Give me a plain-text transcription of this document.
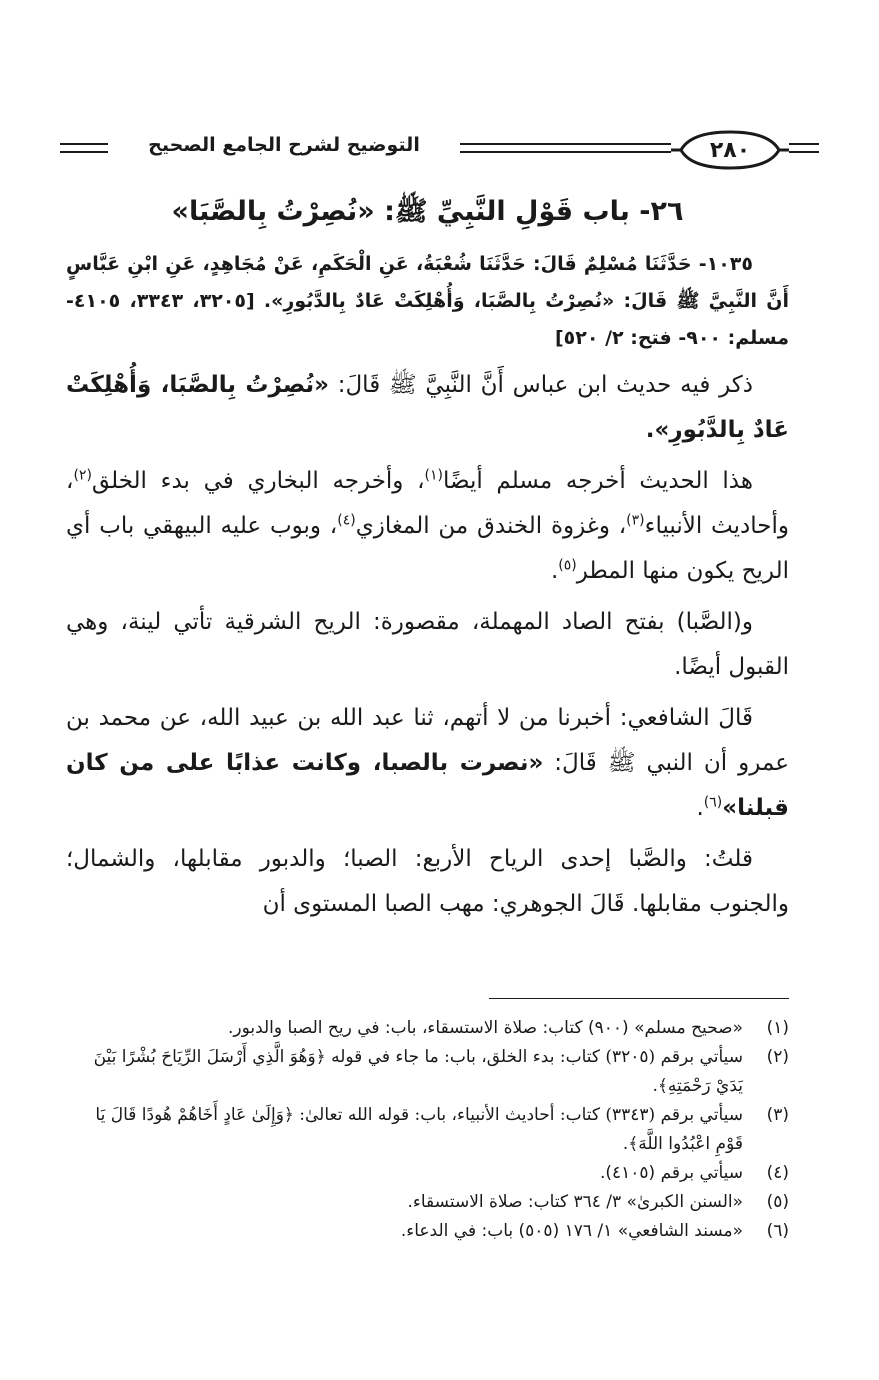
٢٨٠
التوضيح لشرح الجامع الصحيح
٢٦- باب قَوْلِ النَّبِيِّ ﷺ: «نُصِرْتُ بِالصَّبَا»

١٠٣٥- حَدَّثَنَا مُسْلِمٌ قَالَ: حَدَّثَنَا شُعْبَةُ، عَنِ الْحَكَمِ، عَنْ مُجَاهِدٍ، عَنِ ابْنِ عَبَّاسٍ أَنَّ النَّبِيَّ ﷺ قَالَ: «نُصِرْتُ بِالصَّبَا، وَأُهْلِكَتْ عَادٌ بِالدَّبُورِ». [٣٢٠٥، ٣٣٤٣، ٤١٠٥- مسلم: ٩٠٠- فتح: ٢/ ٥٢٠]

ذكر فيه حديث ابن عباس أَنَّ النَّبِيَّ ﷺ قَالَ: «نُصِرْتُ بِالصَّبَا، وَأُهْلِكَتْ عَادٌ بِالدَّبُورِ».

هذا الحديث أخرجه مسلم أيضًا$^{(١)}$، وأخرجه البخاري في بدء الخلق$^{(٢)}$، وأحاديث الأنبياء$^{(٣)}$، وغزوة الخندق من المغازي$^{(٤)}$، وبوب عليه البيهقي باب أي الريح يكون منها المطر$^{(٥)}$.

و(الصَّبا) بفتح الصاد المهملة، مقصورة: الريح الشرقية تأتي لينة، وهي القبول أيضًا.

قَالَ الشافعي: أخبرنا من لا أتهم، ثنا عبد الله بن عبيد الله، عن محمد بن عمرو أن النبي ﷺ قَالَ: «نصرت بالصبا، وكانت عذابًا على من كان قبلنا»$^{(٦)}$.

قلتُ: والصَّبا إحدى الرياح الأربع: الصبا؛ والدبور مقابلها، والشمال؛ والجنوب مقابلها. قَالَ الجوهري: مهب الصبا المستوى أن

(١)
«صحيح مسلم» (٩٠٠) كتاب: صلاة الاستسقاء، باب: في ريح الصبا والدبور.
(٢)
سيأتي برقم (٣٢٠٥) كتاب: بدء الخلق، باب: ما جاء في قوله ﴿وَهُوَ الَّذِي أَرْسَلَ الرِّيَاحَ بُشْرًا بَيْنَ يَدَيْ رَحْمَتِهِ﴾.
(٣)
سيأتي برقم (٣٣٤٣) كتاب: أحاديث الأنبياء، باب: قوله الله تعالىٰ: ﴿وَإِلَىٰ عَادٍ أَخَاهُمْ هُودًا قَالَ يَا قَوْمِ اعْبُدُوا اللَّهَ﴾.
(٤)
سيأتي برقم (٤١٠٥).
(٥)
«السنن الكبرىٰ» ٣/ ٣٦٤ كتاب: صلاة الاستسقاء.
(٦)
«مسند الشافعي» ١/ ١٧٦ (٥٠٥) باب: في الدعاء.
